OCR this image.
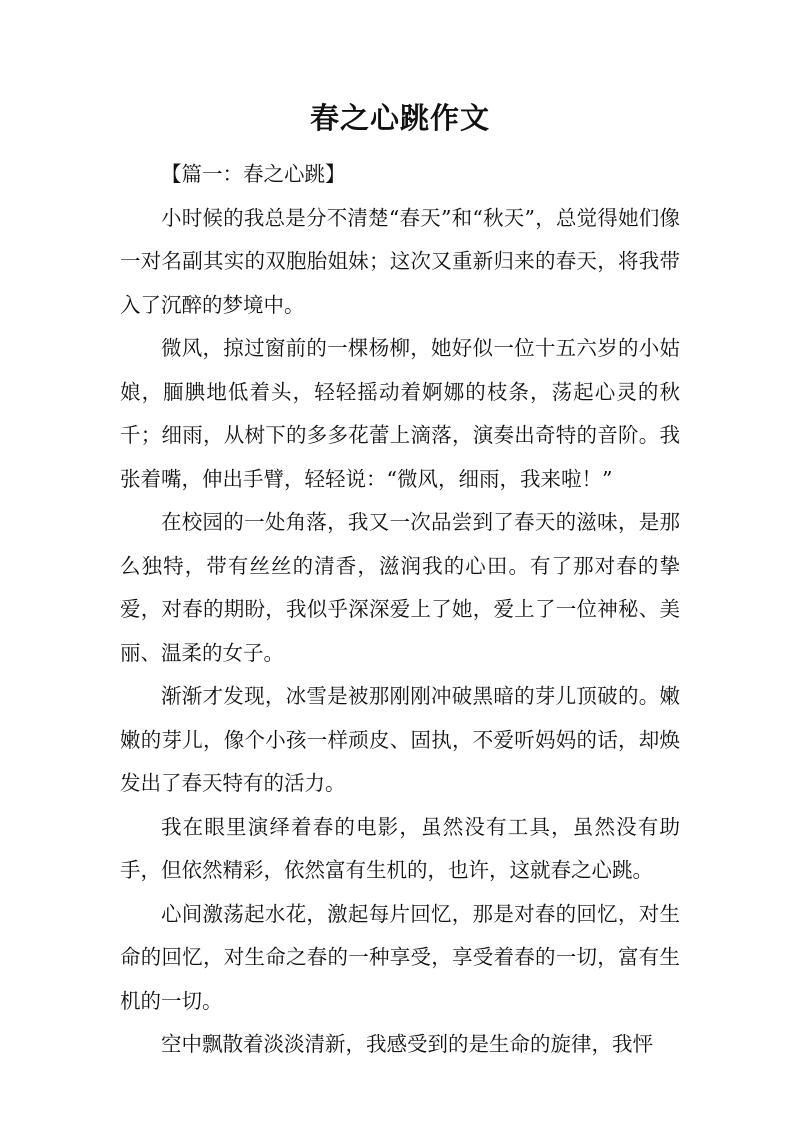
春之心跳作文

【篇一：春之心跳】

小时候的我总是分不清楚“春天”和“秋天”，总觉得她们像一对名副其实的双胞胎姐妹；这次又重新归来的春天，将我带入了沉醉的梦境中。

微风，掠过窗前的一棵杨柳，她好似一位十五六岁的小姑娘，腼腆地低着头，轻轻摇动着婀娜的枝条，荡起心灵的秋千；细雨，从树下的多多花蕾上滴落，演奏出奇特的音阶。我张着嘴，伸出手臂，轻轻说：“微风，细雨，我来啦！”

在校园的一处角落，我又一次品尝到了春天的滋味，是那么独特，带有丝丝的清香，滋润我的心田。有了那对春的挚爱，对春的期盼，我似乎深深爱上了她，爱上了一位神秘、美丽、温柔的女子。

渐渐才发现，冰雪是被那刚刚冲破黑暗的芽儿顶破的。嫩嫩的芽儿，像个小孩一样顽皮、固执，不爱听妈妈的话，却焕发出了春天特有的活力。

我在眼里演绎着春的电影，虽然没有工具，虽然没有助手，但依然精彩，依然富有生机的，也许，这就春之心跳。

心间激荡起水花，激起每片回忆，那是对春的回忆，对生命的回忆，对生命之春的一种享受，享受着春的一切，富有生机的一切。

空中飘散着淡淡清新，我感受到的是生命的旋律，我怦
